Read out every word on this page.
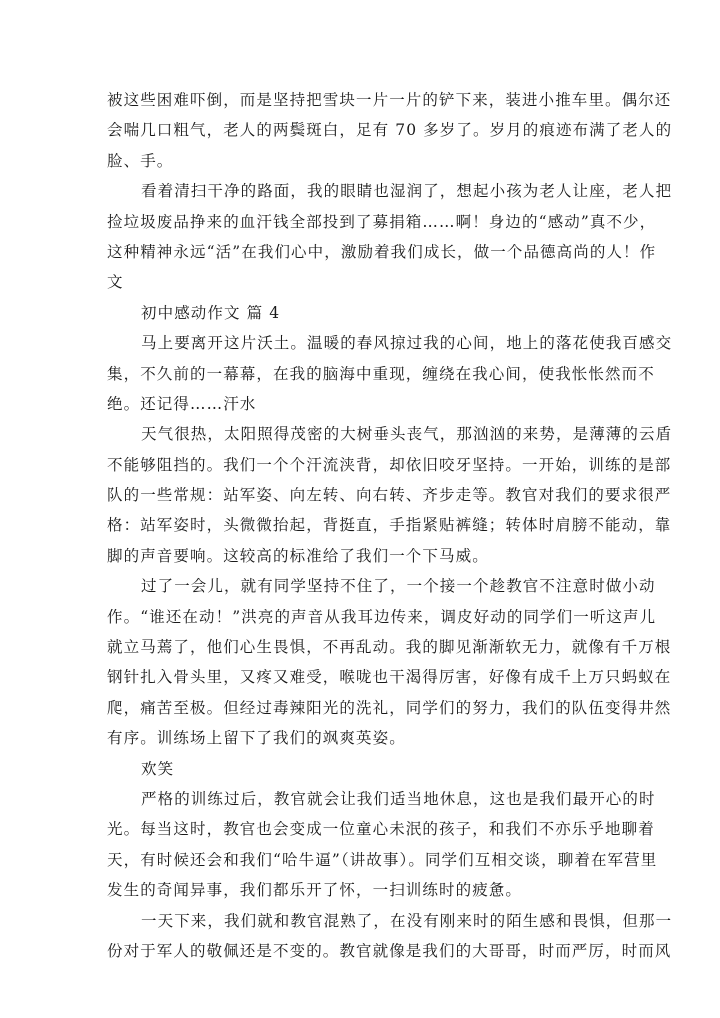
被这些困难吓倒，而是坚持把雪块一片一片的铲下来，装进小推车里。偶尔还
会喘几口粗气，老人的两鬓斑白，足有 70 多岁了。岁月的痕迹布满了老人的
脸、手。
看着清扫干净的路面，我的眼睛也湿润了，想起小孩为老人让座，老人把
捡垃圾废品挣来的血汗钱全部投到了募捐箱……啊！身边的“感动”真不少，
这种精神永远“活”在我们心中，激励着我们成长，做一个品德高尚的人！作
文
初中感动作文 篇 4
马上要离开这片沃土。温暖的春风掠过我的心间，地上的落花使我百感交
集，不久前的一幕幕，在我的脑海中重现，缠绕在我心间，使我怅怅然而不
绝。还记得……汗水
天气很热，太阳照得茂密的大树垂头丧气，那汹汹的来势，是薄薄的云盾
不能够阻挡的。我们一个个汗流浃背，却依旧咬牙坚持。一开始，训练的是部
队的一些常规：站军姿、向左转、向右转、齐步走等。教官对我们的要求很严
格：站军姿时，头微微抬起，背挺直，手指紧贴裤缝；转体时肩膀不能动，靠
脚的声音要响。这较高的标准给了我们一个下马威。
过了一会儿，就有同学坚持不住了，一个接一个趁教官不注意时做小动
作。“谁还在动！”洪亮的声音从我耳边传来，调皮好动的同学们一听这声儿
就立马蔫了，他们心生畏惧，不再乱动。我的脚见渐渐软无力，就像有千万根
钢针扎入骨头里，又疼又难受，喉咙也干渴得厉害，好像有成千上万只蚂蚁在
爬，痛苦至极。但经过毒辣阳光的洗礼，同学们的努力，我们的队伍变得井然
有序。训练场上留下了我们的飒爽英姿。
欢笑
严格的训练过后，教官就会让我们适当地休息，这也是我们最开心的时
光。每当这时，教官也会变成一位童心未泯的孩子，和我们不亦乐乎地聊着
天，有时候还会和我们“哈牛逼”（讲故事）。同学们互相交谈，聊着在军营里
发生的奇闻异事，我们都乐开了怀，一扫训练时的疲惫。
一天下来，我们就和教官混熟了，在没有刚来时的陌生感和畏惧，但那一
份对于军人的敬佩还是不变的。教官就像是我们的大哥哥，时而严厉，时而风
